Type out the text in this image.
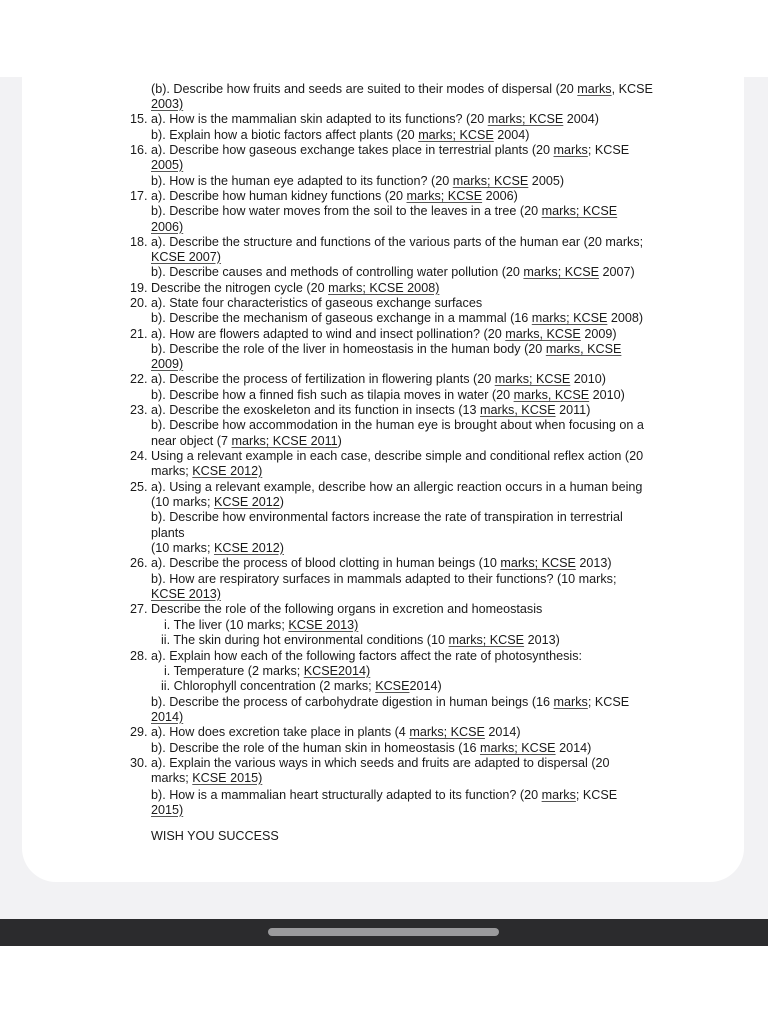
(b). Describe how fruits and seeds are suited to their modes of dispersal (20 marks, KCSE
2003)
15. a). How is the mammalian skin adapted to its functions? (20 marks; KCSE 2004)
b). Explain how a biotic factors affect plants (20 marks; KCSE 2004)
16. a). Describe how gaseous exchange takes place in terrestrial plants (20 marks; KCSE
2005)
b). How is the human eye adapted to its function? (20 marks; KCSE 2005)
17. a). Describe how human kidney functions (20 marks; KCSE 2006)
b). Describe how water moves from the soil to the leaves in a tree (20 marks; KCSE
2006)
18. a). Describe the structure and functions of the various parts of the human ear (20 marks;
KCSE 2007)
b). Describe causes and methods of controlling water pollution (20 marks; KCSE 2007)
19. Describe the nitrogen cycle (20 marks; KCSE 2008)
20. a). State four characteristics of gaseous exchange surfaces
b). Describe the mechanism of gaseous exchange in a mammal (16 marks; KCSE 2008)
21. a). How are flowers adapted to wind and insect pollination? (20 marks, KCSE 2009)
b). Describe the role of the liver in homeostasis in the human body (20 marks, KCSE
2009)
22. a). Describe the process of fertilization in flowering plants (20 marks; KCSE 2010)
b). Describe how a finned fish such as tilapia moves in water (20 marks, KCSE 2010)
23. a). Describe the exoskeleton and its function in insects (13 marks, KCSE 2011)
b). Describe how accommodation in the human eye is brought about when focusing on a
near object (7 marks; KCSE 2011)
24. Using a relevant example in each case, describe simple and conditional reflex action (20
marks; KCSE 2012)
25. a). Using a relevant example, describe how an allergic reaction occurs in a human being
(10 marks; KCSE 2012)
b). Describe how environmental factors increase the rate of transpiration in terrestrial
plants
(10 marks; KCSE 2012)
26. a). Describe the process of blood clotting in human beings (10 marks; KCSE 2013)
b). How are respiratory surfaces in mammals adapted to their functions? (10 marks;
KCSE 2013)
27. Describe the role of the following organs in excretion and homeostasis
i. The liver (10 marks; KCSE 2013)
ii. The skin during hot environmental conditions (10 marks; KCSE 2013)
28. a). Explain how each of the following factors affect the rate of photosynthesis:
i. Temperature (2 marks; KCSE2014)
ii. Chlorophyll concentration (2 marks; KCSE2014)
b). Describe the process of carbohydrate digestion in human beings (16 marks; KCSE
2014)
29. a). How does excretion take place in plants (4 marks; KCSE 2014)
b). Describe the role of the human skin in homeostasis (16 marks; KCSE 2014)
30. a). Explain the various ways in which seeds and fruits are adapted to dispersal (20
marks; KCSE 2015)
b). How is a mammalian heart structurally adapted to its function? (20 marks; KCSE
2015)
WISH YOU SUCCESS
